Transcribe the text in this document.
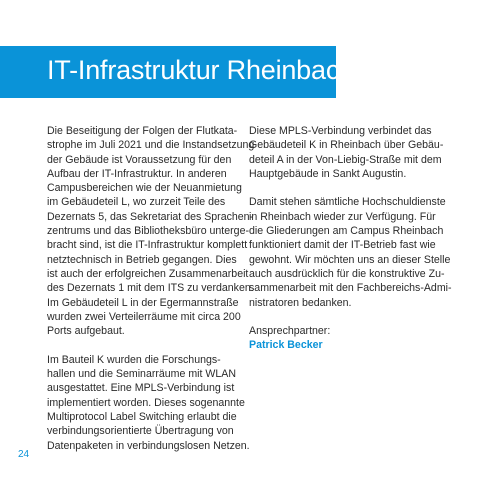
IT-Infrastruktur Rheinbach
Die Beseitigung der Folgen der Flutkata-
strophe im Juli 2021 und die Instandsetzung
der Gebäude ist Voraussetzung für den
Aufbau der IT-Infrastruktur. In anderen
Campusbereichen wie der Neuanmietung
im Gebäudeteil L, wo zurzeit Teile des
Dezernats 5, das Sekretariat des Sprachen-
zentrums und das Bibliotheksbüro unterge-
bracht sind, ist die IT-Infrastruktur komplett
netztechnisch in Betrieb gegangen. Dies
ist auch der erfolgreichen Zusammenarbeit
des Dezernats 1 mit dem ITS zu verdanken.
Im Gebäudeteil L in der Egermannstraße
wurden zwei Verteilerräume mit circa 200
Ports aufgebaut.
Im Bauteil K wurden die Forschungs-
hallen und die Seminarräume mit WLAN
ausgestattet. Eine MPLS-Verbindung ist
implementiert worden. Dieses sogenannte
Multiprotocol Label Switching erlaubt die
verbindungsorientierte Übertragung von
Datenpaketen in verbindungslosen Netzen.
Diese MPLS-Verbindung verbindet das
Gebäudeteil K in Rheinbach über Gebäu-
deteil A in der Von-Liebig-Straße mit dem
Hauptgebäude in Sankt Augustin.
Damit stehen sämtliche Hochschuldienste
in Rheinbach wieder zur Verfügung. Für
die Gliederungen am Campus Rheinbach
funktioniert damit der IT-Betrieb fast wie
gewohnt. Wir möchten uns an dieser Stelle
auch ausdrücklich für die konstruktive Zu-
sammenarbeit mit den Fachbereichs-Admi-
nistratoren bedanken.
Ansprechpartner:
Patrick Becker
24
